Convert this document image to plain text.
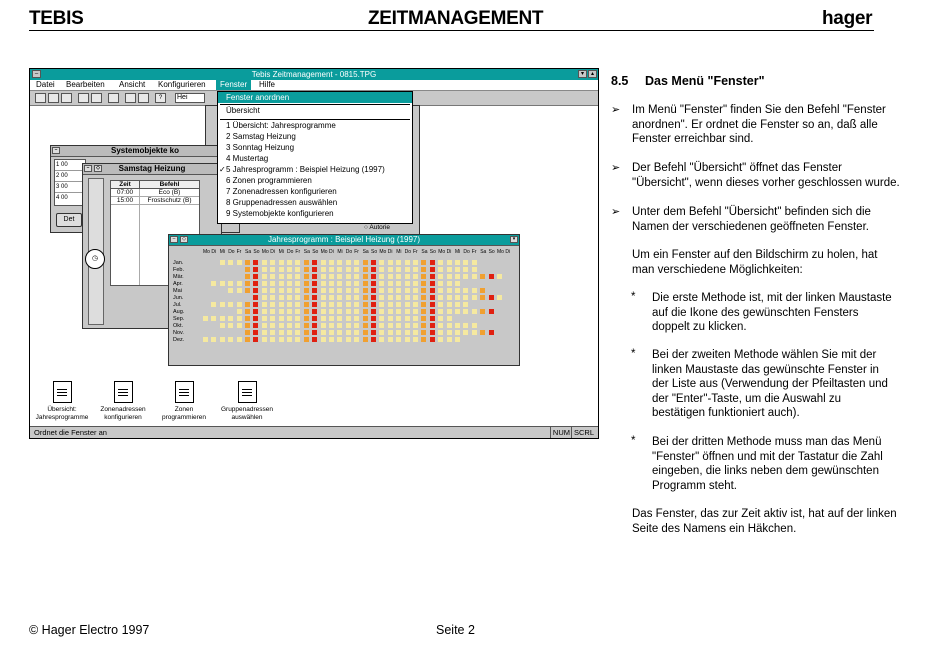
TEBIS	ZEITMANAGEMENT	hager
–	Tebis Zeitmanagement - 0815.TPG	▾	▴
Datei Bearbeiten Ansicht Konfigurieren	Fenster	Hilfe
?	Hei
○ Autorie
–	Systemobjekte ko
1 00
2 00
3 00
4 00
Det
–	◇ Samstag Heizung
◷
Zeit	Befehl
07:00	Eco (B)
15:00	Frostschutz (B)
–	◇	Jahresprogramm : Beispiel Heizung (1997)	▾
Mo Di Mi Do Fr Sa So Mo Di Mi Do Fr Sa So Mo Di Mi Do Fr Sa So Mo Di Mi Do Fr Sa So Mo Di Mi Do Fr Sa So Mo Di
Jan.
Feb.
Mär.
Apr.
Mai
Jun.
Jul.
Aug.
Sep.
Okt.
Nov.
Dez.
Fenster anordnen
Übersicht
1 Übersicht: Jahresprogramme
2 Samstag Heizung
3 Sonntag Heizung
4 Mustertag
5 Jahresprogramm : Beispiel Heizung (1997)
✓
6 Zonen programmieren
7 Zonenadressen konfigurieren
8 Gruppenadressen auswählen
9 Systemobjekte konfigurieren
Übersicht:
Jahresprogramme
Zonenadressen
konfigurieren
Zonen
programmieren
Gruppenadressen
auswählen
Ordnet die Fenster an	NUM SCRL
8.5 Das Menü "Fenster"
➢ Im Menü "Fenster" finden Sie den Befehl "Fenster
anordnen". Er ordnet die Fenster so an, daß alle
Fenster erreichbar sind.
➢ Der Befehl "Übersicht" öffnet das Fenster
"Übersicht", wenn dieses vorher geschlossen wurde.
➢ Unter dem Befehl "Übersicht" befinden sich die
Namen der verschiedenen geöffneten Fenster.
Um ein Fenster auf den Bildschirm zu holen, hat
man verschiedene Möglichkeiten:
* Die erste Methode ist, mit der linken Maustaste
auf die Ikone des gewünschten Fensters
doppelt zu klicken.
* Bei der zweiten Methode wählen Sie mit der
linken Maustaste das gewünschte Fenster in
der Liste aus (Verwendung der Pfeiltasten und
der "Enter"-Taste, um die Auswahl zu
bestätigen funktioniert auch).
* Bei der dritten Methode muss man das Menü
"Fenster" öffnen und mit der Tastatur die Zahl
eingeben, die links neben dem gewünschten
Programm steht.
Das Fenster, das zur Zeit aktiv ist, hat auf der linken
Seite des Namens ein Häkchen.
© Hager Electro 1997	Seite 2
